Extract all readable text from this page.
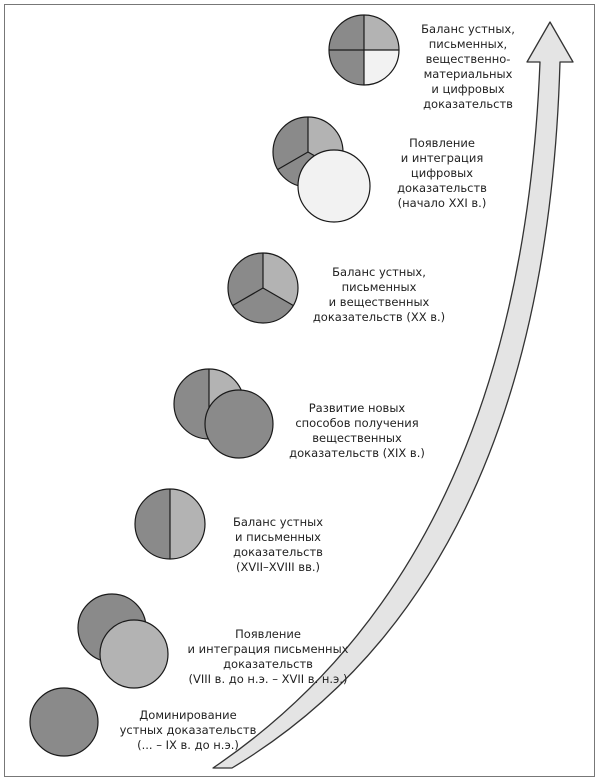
Доминирование
устных доказательств
(... – IX в. до н.э.)
Появление
и интеграция письменных
доказательств
(VIII в. до н.э. – XVII в. н.э.)
Баланс устных
и письменных
доказательств
(XVII–XVIII вв.)
Развитие новых
способов получения
вещественных
доказательств (XIX в.)
Баланс устных,
письменных
и вещественных
доказательств (XX в.)
Появление
и интеграция
цифровых
доказательств
(начало XXI в.)
Баланс устных,
письменных,
вещественно-
материальных
и цифровых
доказательств
